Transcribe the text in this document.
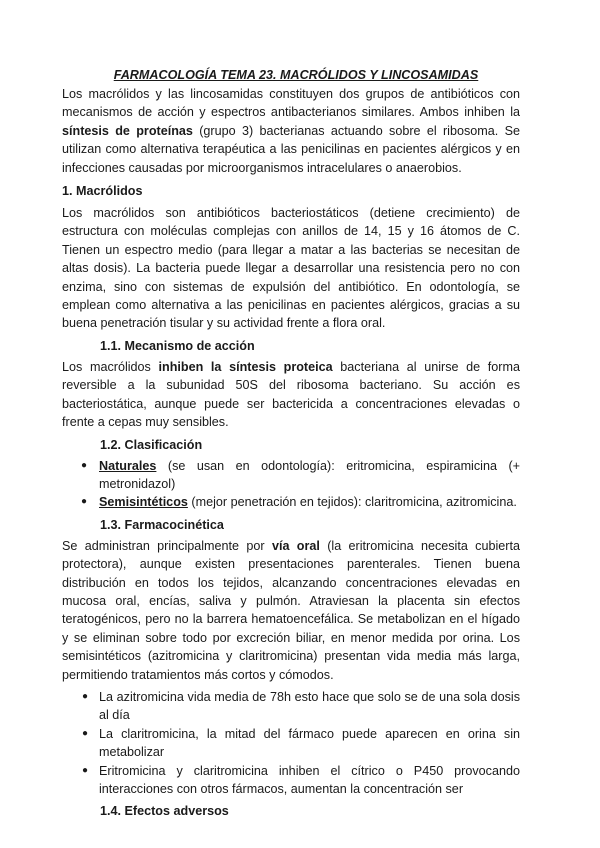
FARMACOLOGÍA TEMA 23. MACRÓLIDOS Y LINCOSAMIDAS

Los macrólidos y las lincosamidas constituyen dos grupos de antibióticos con mecanismos de acción y espectros antibacterianos similares. Ambos inhiben la síntesis de proteínas (grupo 3) bacterianas actuando sobre el ribosoma. Se utilizan como alternativa terapéutica a las penicilinas en pacientes alérgicos y en infecciones causadas por microorganismos intracelulares o anaerobios.

1. Macrólidos

Los macrólidos son antibióticos bacteriostáticos (detiene crecimiento) de estructura con moléculas complejas con anillos de 14, 15 y 16 átomos de C. Tienen un espectro medio (para llegar a matar a las bacterias se necesitan de altas dosis). La bacteria puede llegar a desarrollar una resistencia pero no con enzima, sino con sistemas de expulsión del antibiótico. En odontología, se emplean como alternativa a las penicilinas en pacientes alérgicos, gracias a su buena penetración tisular y su actividad frente a flora oral.

1.1. Mecanismo de acción

Los macrólidos inhiben la síntesis proteica bacteriana al unirse de forma reversible a la subunidad 50S del ribosoma bacteriano. Su acción es bacteriostática, aunque puede ser bactericida a concentraciones elevadas o frente a cepas muy sensibles.

1.2. Clasificación
● Naturales (se usan en odontología): eritromicina, espiramicina (+ metronidazol)
● Semisintéticos (mejor penetración en tejidos): claritromicina, azitromicina.
1.3. Farmacocinética

Se administran principalmente por vía oral (la eritromicina necesita cubierta protectora), aunque existen presentaciones parenterales. Tienen buena distribución en todos los tejidos, alcanzando concentraciones elevadas en mucosa oral, encías, saliva y pulmón. Atraviesan la placenta sin efectos teratogénicos, pero no la barrera hematoencefálica. Se metabolizan en el hígado y se eliminan sobre todo por excreción biliar, en menor medida por orina. Los semisintéticos (azitromicina y claritromicina) presentan vida media más larga, permitiendo tratamientos más cortos y cómodos.

● La azitromicina vida media de 78h esto hace que solo se de una sola dosis al día
● La claritromicina, la mitad del fármaco puede aparecen en orina sin metabolizar
● Eritromicina y claritromicina inhiben el cítrico o P450 provocando interacciones con otros fármacos, aumentan la concentración ser
1.4. Efectos adversos
